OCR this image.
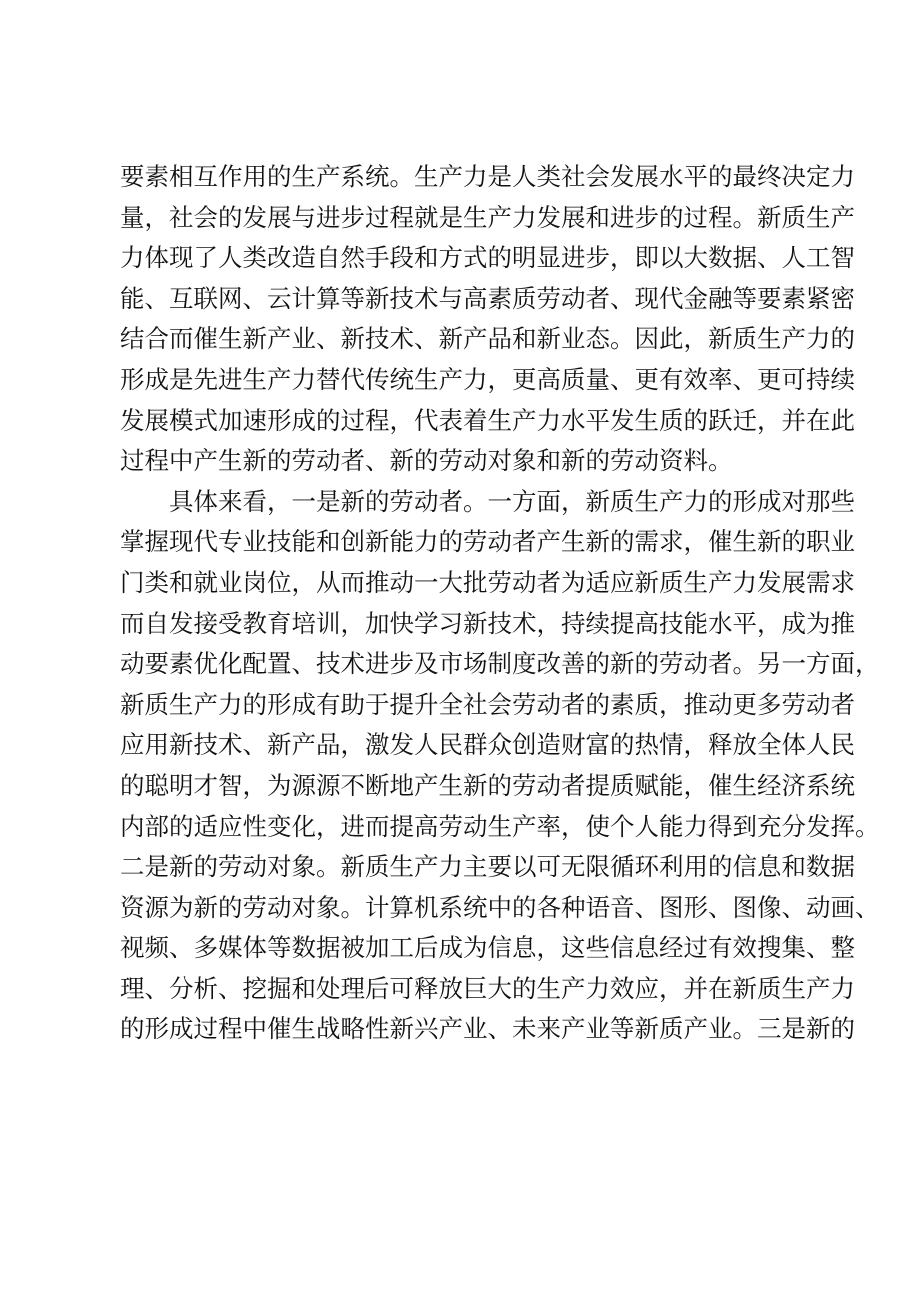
要素相互作用的生产系统。生产力是人类社会发展水平的最终决定力
量，社会的发展与进步过程就是生产力发展和进步的过程。新质生产
力体现了人类改造自然手段和方式的明显进步，即以大数据、人工智
能、互联网、云计算等新技术与高素质劳动者、现代金融等要素紧密
结合而催生新产业、新技术、新产品和新业态。因此，新质生产力的
形成是先进生产力替代传统生产力，更高质量、更有效率、更可持续
发展模式加速形成的过程，代表着生产力水平发生质的跃迁，并在此
过程中产生新的劳动者、新的劳动对象和新的劳动资料。
　　具体来看，一是新的劳动者。一方面，新质生产力的形成对那些
掌握现代专业技能和创新能力的劳动者产生新的需求，催生新的职业
门类和就业岗位，从而推动一大批劳动者为适应新质生产力发展需求
而自发接受教育培训，加快学习新技术，持续提高技能水平，成为推
动要素优化配置、技术进步及市场制度改善的新的劳动者。另一方面，
新质生产力的形成有助于提升全社会劳动者的素质，推动更多劳动者
应用新技术、新产品，激发人民群众创造财富的热情，释放全体人民
的聪明才智，为源源不断地产生新的劳动者提质赋能，催生经济系统
内部的适应性变化，进而提高劳动生产率，使个人能力得到充分发挥。
二是新的劳动对象。新质生产力主要以可无限循环利用的信息和数据
资源为新的劳动对象。计算机系统中的各种语音、图形、图像、动画、
视频、多媒体等数据被加工后成为信息，这些信息经过有效搜集、整
理、分析、挖掘和处理后可释放巨大的生产力效应，并在新质生产力
的形成过程中催生战略性新兴产业、未来产业等新质产业。三是新的
